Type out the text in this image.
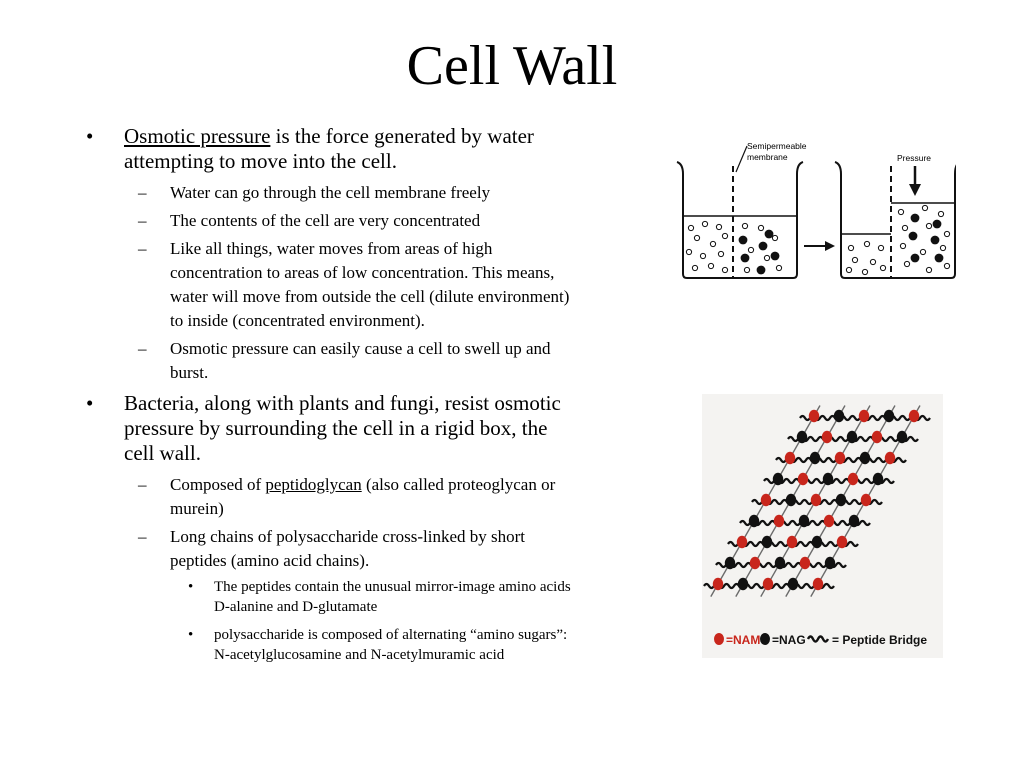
Cell Wall
• Osmotic pressure is the force generated by water attempting to move into the cell.
– Water can go through the cell membrane freely
– The contents of the cell are very concentrated
– Like all things, water moves from areas of high concentration to areas of low concentration. This means, water will move from outside the cell (dilute environment) to inside (concentrated environment).
– Osmotic pressure can easily cause a cell to swell up and burst.
• Bacteria, along with plants and fungi, resist osmotic pressure by surrounding the cell in a rigid box, the cell wall.
– Composed of peptidoglycan (also called proteoglycan or murein)
– Long chains of polysaccharide cross-linked by short peptides (amino acid chains).
• The peptides contain the unusual mirror-image amino acids D-alanine and D-glutamate
• polysaccharide is composed of alternating “amino sugars”: N-acetylglucosamine and N-acetylmuramic acid
Semipermeable
membrane	Pressure
=NAM =NAG = Peptide Bridge
